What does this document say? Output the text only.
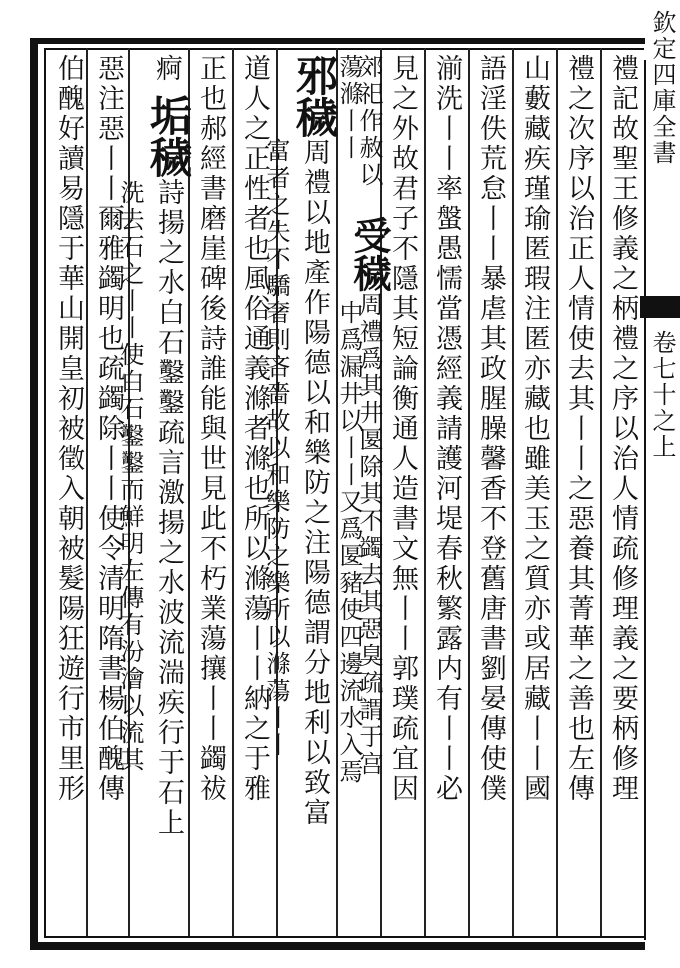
欽定四庫全書
卷七十之上
禮記故聖王修義之柄禮之序以治人情疏修理義之要柄修理
禮之次序以治正人情使去其丨丨之惡養其菁華之善也左傳
山藪藏疾瑾瑜匿瑕注匿亦藏也雖美玉之質亦或居藏丨丨國
語淫佚荒怠丨丨暴虐其政腥臊馨香不登舊唐書劉晏傳使僕
湔洗丨丨率螌愚懦當憑經義請護河堤春秋繁露内有丨丨必
見之外故君子不隱其短論衡通人造書文無丨丨郭璞疏宜因
郊祀作赦以
蕩滌丨丨
受穢周禮爲其井匽除其不蠲去其惡臭疏謂于宫
中爲漏井以丨丨又爲匽豬使四邊流水入焉
邪穢周禮以地產作陽德以和樂防之注陽德謂分地利以致富
富者之失不驕奢則吝嗇故以和樂防之樂所以滌蕩丨丨
道人之正性者也風俗通義滌者滌也所以滌蕩丨丨納之于雅
正也郝經書磨崖碑後詩誰能與世見此不朽業蕩攘丨丨蠲祓
痾
垢穢詩揚之水白石鑿鑿疏言激揚之水波流湍疾行于石上
洗去石之丨丨使白石鑿鑿而鮮明左傳有汾澮以流其
惡注惡丨丨爾雅蠲明也疏蠲除丨丨使令清明隋書楊伯醜傳
伯醜好讀易隱于華山開皇初被徵入朝被髮陽狂遊行市里形
